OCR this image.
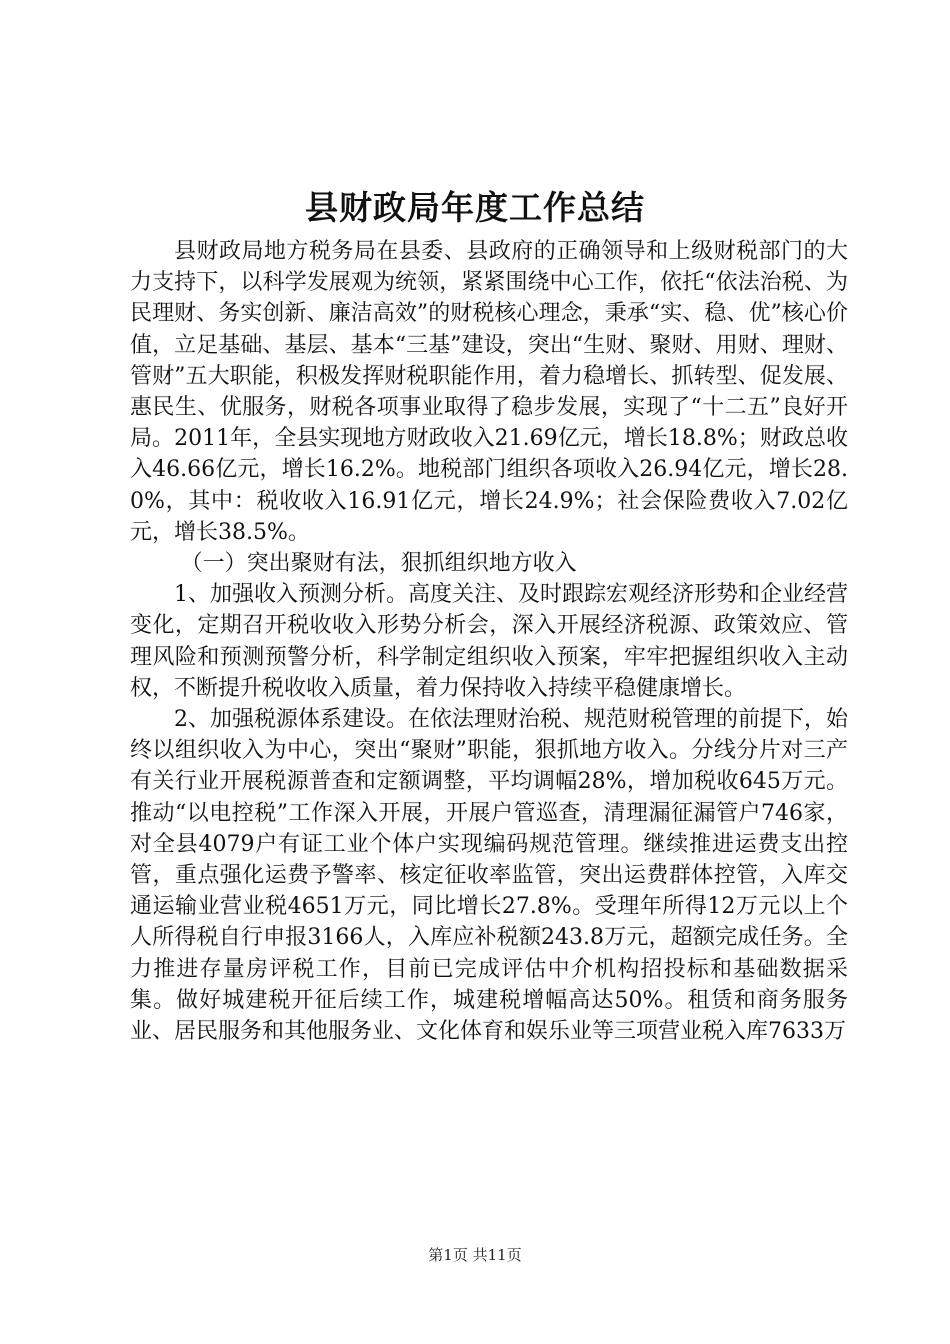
县财政局年度工作总结

县财政局地方税务局在县委、县政府的正确领导和上级财税部门的大力支持下，以科学发展观为统领，紧紧围绕中心工作，依托“依法治税、为民理财、务实创新、廉洁高效”的财税核心理念，秉承“实、稳、优”核心价值，立足基础、基层、基本“三基”建设，突出“生财、聚财、用财、理财、管财”五大职能，积极发挥财税职能作用，着力稳增长、抓转型、促发展、惠民生、优服务，财税各项事业取得了稳步发展，实现了“十二五”良好开局。2011年，全县实现地方财政收入21.69亿元，增长18.8%；财政总收入46.66亿元，增长16.2%。地税部门组织各项收入26.94亿元，增长28.0%，其中：税收收入16.91亿元，增长24.9%；社会保险费收入7.02亿元，增长38.5%。

（一）突出聚财有法，狠抓组织地方收入

1、加强收入预测分析。高度关注、及时跟踪宏观经济形势和企业经营变化，定期召开税收收入形势分析会，深入开展经济税源、政策效应、管理风险和预测预警分析，科学制定组织收入预案，牢牢把握组织收入主动权，不断提升税收收入质量，着力保持收入持续平稳健康增长。

2、加强税源体系建设。在依法理财治税、规范财税管理的前提下，始终以组织收入为中心，突出“聚财”职能，狠抓地方收入。分线分片对三产有关行业开展税源普查和定额调整，平均调幅28%，增加税收645万元。推动“以电控税”工作深入开展，开展户管巡查，清理漏征漏管户746家，对全县4079户有证工业个体户实现编码规范管理。继续推进运费支出控管，重点强化运费予警率、核定征收率监管，突出运费群体控管，入库交通运输业营业税4651万元，同比增长27.8%。受理年所得12万元以上个人所得税自行申报3166人，入库应补税额243.8万元，超额完成任务。全力推进存量房评税工作，目前已完成评估中介机构招投标和基础数据采集。做好城建税开征后续工作，城建税增幅高达50%。租赁和商务服务业、居民服务和其他服务业、文化体育和娱乐业等三项营业税入库7633万

第1页 共11页
